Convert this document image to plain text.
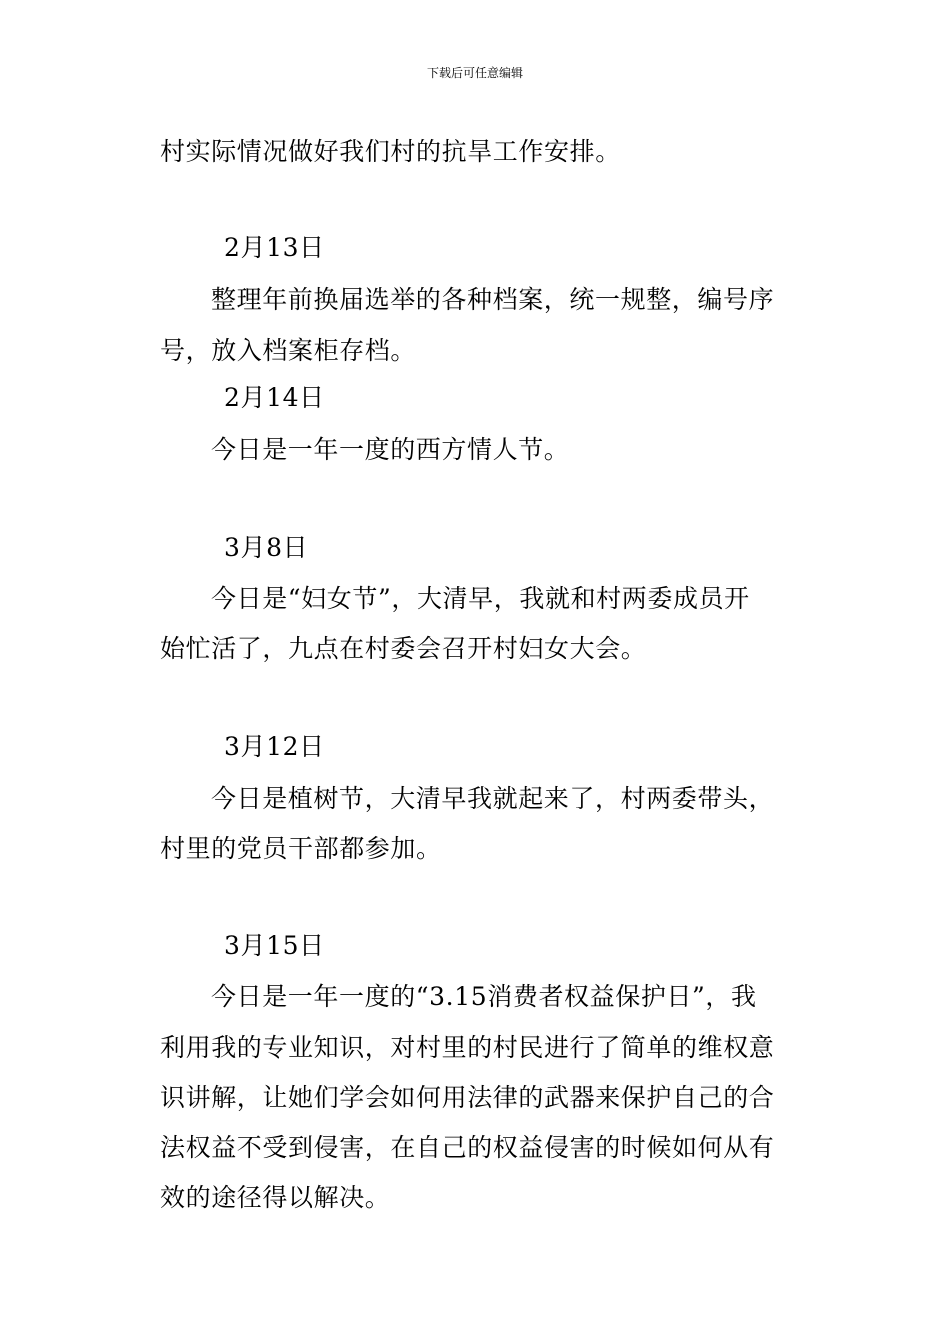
下载后可任意编辑
村实际情况做好我们村的抗旱工作安排。
2月13日
整理年前换届选举的各种档案，统一规整，编号序
号，放入档案柜存档。
2月14日
今日是一年一度的西方情人节。
3月8日
今日是“妇女节”，大清早，我就和村两委成员开
始忙活了，九点在村委会召开村妇女大会。
3月12日
今日是植树节，大清早我就起来了，村两委带头，
村里的党员干部都参加。
3月15日
今日是一年一度的“3.15消费者权益保护日”，我
利用我的专业知识，对村里的村民进行了简单的维权意
识讲解，让她们学会如何用法律的武器来保护自己的合
法权益不受到侵害，在自己的权益侵害的时候如何从有
效的途径得以解决。
